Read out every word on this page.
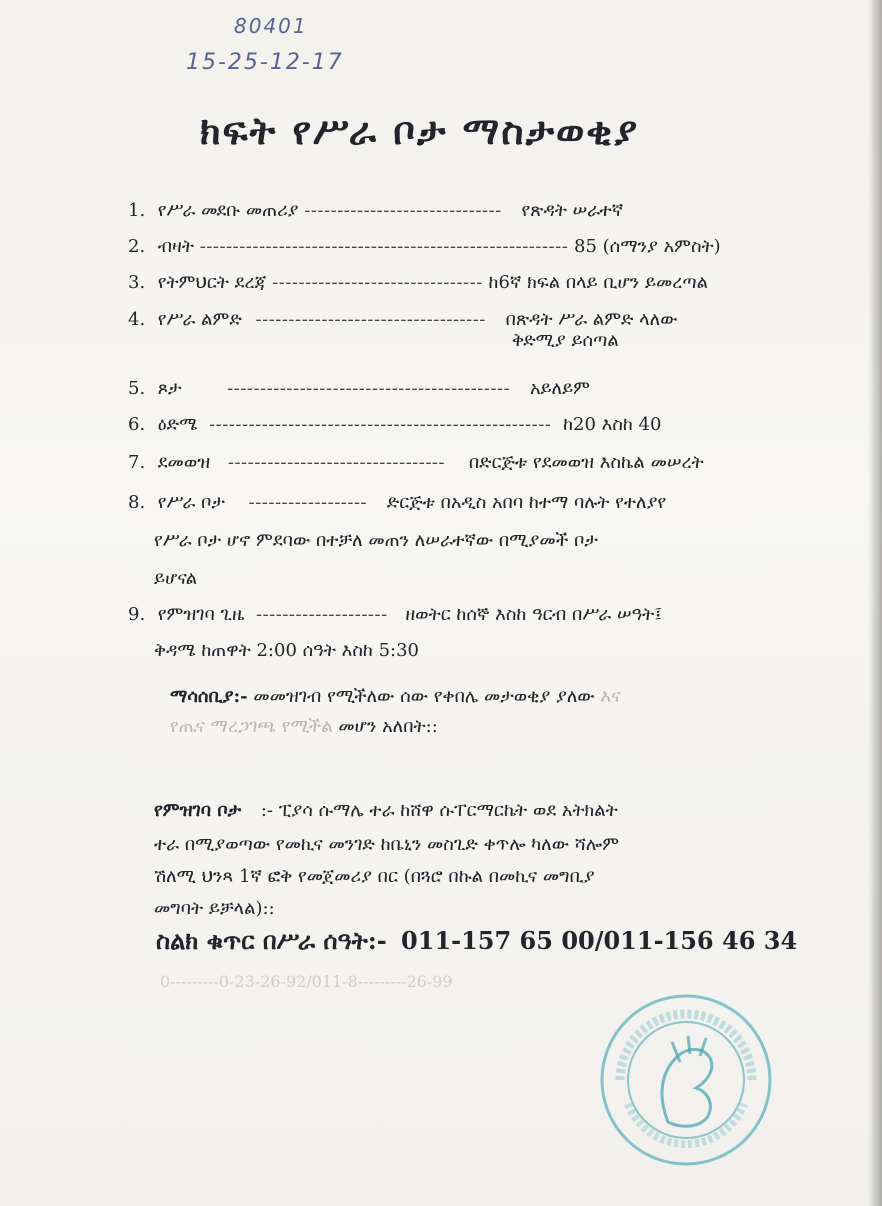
80401
15-25-12-17
ክፍት የሥራ ቦታ ማስታወቂያ
1. የሥራ መደቡ መጠሪያ ------------------------------ የጽዳት ሠራተኛ
2. ብዛት -------------------------------------------------------- 85 (ሰማንያ አምስት)
3. የትምህርት ደረጃ -------------------------------- ከ6ኛ ክፍል በላይ ቢሆን ይመረጣል
4. የሥራ ልምድ ----------------------------------- በጽዳት ሥራ ልምድ ላለው
ቅድሚያ ይሰጣል
5. ጾታ	------------------------------------------- አይለይም
6. ዕድሜ ---------------------------------------------------- ከ20 እስከ 40
7. ደመወዝ --------------------------------- በድርጅቱ የደመወዝ እስኬል መሠረት
8. የሥራ ቦታ ------------------ ድርጅቱ በአዲስ አበባ ከተማ ባሉት የተለያየ
የሥራ ቦታ ሆኖ ምደባው በተቻለ መጠን ለሠራተኛው በሚያመች ቦታ
ይሆናል
9. የምዝገባ ጊዜ -------------------- ዘወትር ከሰኞ እስከ ዓርብ በሥራ ሠዓት፤
ቅዳሜ ከጠዋት 2:00 ሰዓት እስከ 5:30
ማሳሰቢያ:- መመዝገብ የሚችለው ሰው የቀበሌ መታወቂያ ያለው እና
የጤና ማረጋገጫ የሚችል መሆን አለበት::
የምዝገባ ቦታ :- ፒያሳ ሱማሌ ተራ ከሸዋ ሱፐርማርኬት ወደ አትክልት
ተራ በሚያወጣው የመኪና መንገድ ከቤኒን መስጊድ ቀጥሎ ካለው ሻሎም
ሽለሚ ህንጻ 1ኛ ፎቅ የመጀመሪያ በር (በጓሮ በኩል በመኪና መግቢያ
መግባት ይቻላል)::
ስልክ ቁጥር በሥራ ሰዓት:- 011-157 65 00/011-156 46 34
0---------0-23-26-92/011-8---------26-99
